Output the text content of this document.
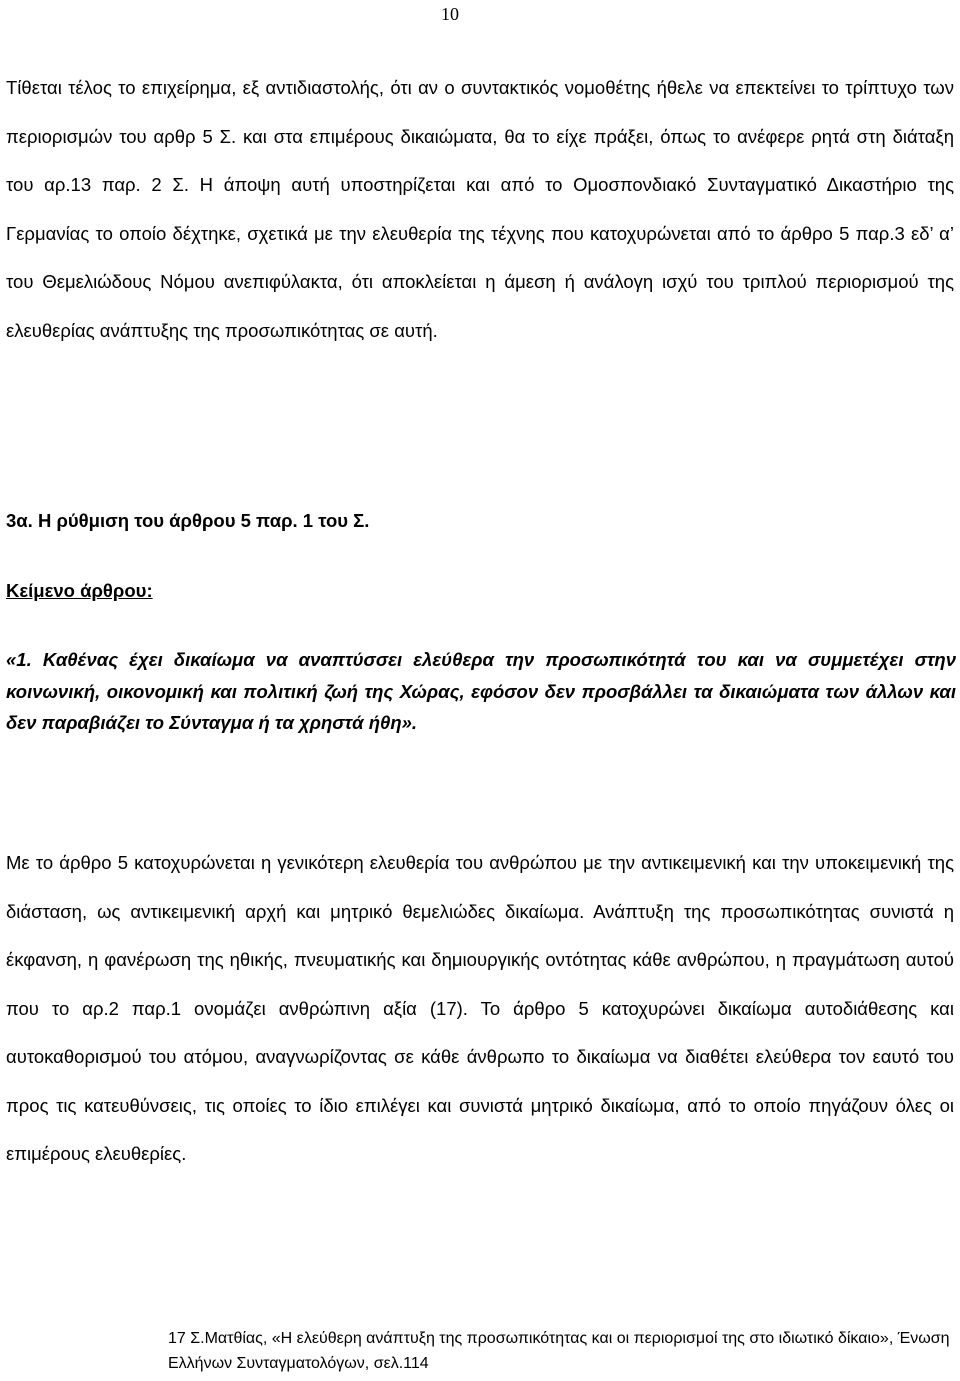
10

Τίθεται τέλος το επιχείρημα, εξ αντιδιαστολής, ότι αν ο συντακτικός νομοθέτης ήθελε να επεκτείνει το τρίπτυχο των περιορισμών του αρθρ 5 Σ. και στα επιμέρους δικαιώματα, θα το είχε πράξει, όπως το ανέφερε ρητά στη διάταξη του αρ.13 παρ. 2 Σ. Η άποψη αυτή υποστηρίζεται και από το Ομοσπονδιακό Συνταγματικό Δικαστήριο της Γερμανίας το οποίο δέχτηκε, σχετικά με την ελευθερία της τέχνης που κατοχυρώνεται από το άρθρο 5 παρ.3 εδ’ α’ του Θεμελιώδους Νόμου ανεπιφύλακτα, ότι αποκλείεται η άμεση ή ανάλογη ισχύ του τριπλού περιορισμού της ελευθερίας ανάπτυξης της προσωπικότητας σε αυτή.

3α. Η ρύθμιση του άρθρου 5 παρ. 1 του Σ.

Κείμενο άρθρου:

«1. Καθένας έχει δικαίωμα να αναπτύσσει ελεύθερα την προσωπικότητά του και να συμμετέχει στην κοινωνική, οικονομική και πολιτική ζωή της Χώρας, εφόσον δεν προσβάλλει τα δικαιώματα των άλλων και δεν παραβιάζει το Σύνταγμα ή τα χρηστά ήθη».

Με το άρθρο 5 κατοχυρώνεται η γενικότερη ελευθερία του ανθρώπου με την αντικειμενική και την υποκειμενική της διάσταση, ως αντικειμενική αρχή και μητρικό θεμελιώδες δικαίωμα. Ανάπτυξη της προσωπικότητας συνιστά η έκφανση, η φανέρωση της ηθικής, πνευματικής και δημιουργικής οντότητας κάθε ανθρώπου, η πραγμάτωση αυτού που το αρ.2 παρ.1 ονομάζει ανθρώπινη αξία (17). Το άρθρο 5 κατοχυρώνει δικαίωμα αυτοδιάθεσης και αυτοκαθορισμού του ατόμου, αναγνωρίζοντας σε κάθε άνθρωπο το δικαίωμα να διαθέτει ελεύθερα τον εαυτό του προς τις κατευθύνσεις, τις οποίες το ίδιο επιλέγει και συνιστά μητρικό δικαίωμα, από το οποίο πηγάζουν όλες οι επιμέρους ελευθερίες.

17 Σ.Ματθίας, «Η ελεύθερη ανάπτυξη της προσωπικότητας και οι περιορισμοί της στο ιδιωτικό δίκαιο», Ένωση Ελλήνων Συνταγματολόγων, σελ.114
